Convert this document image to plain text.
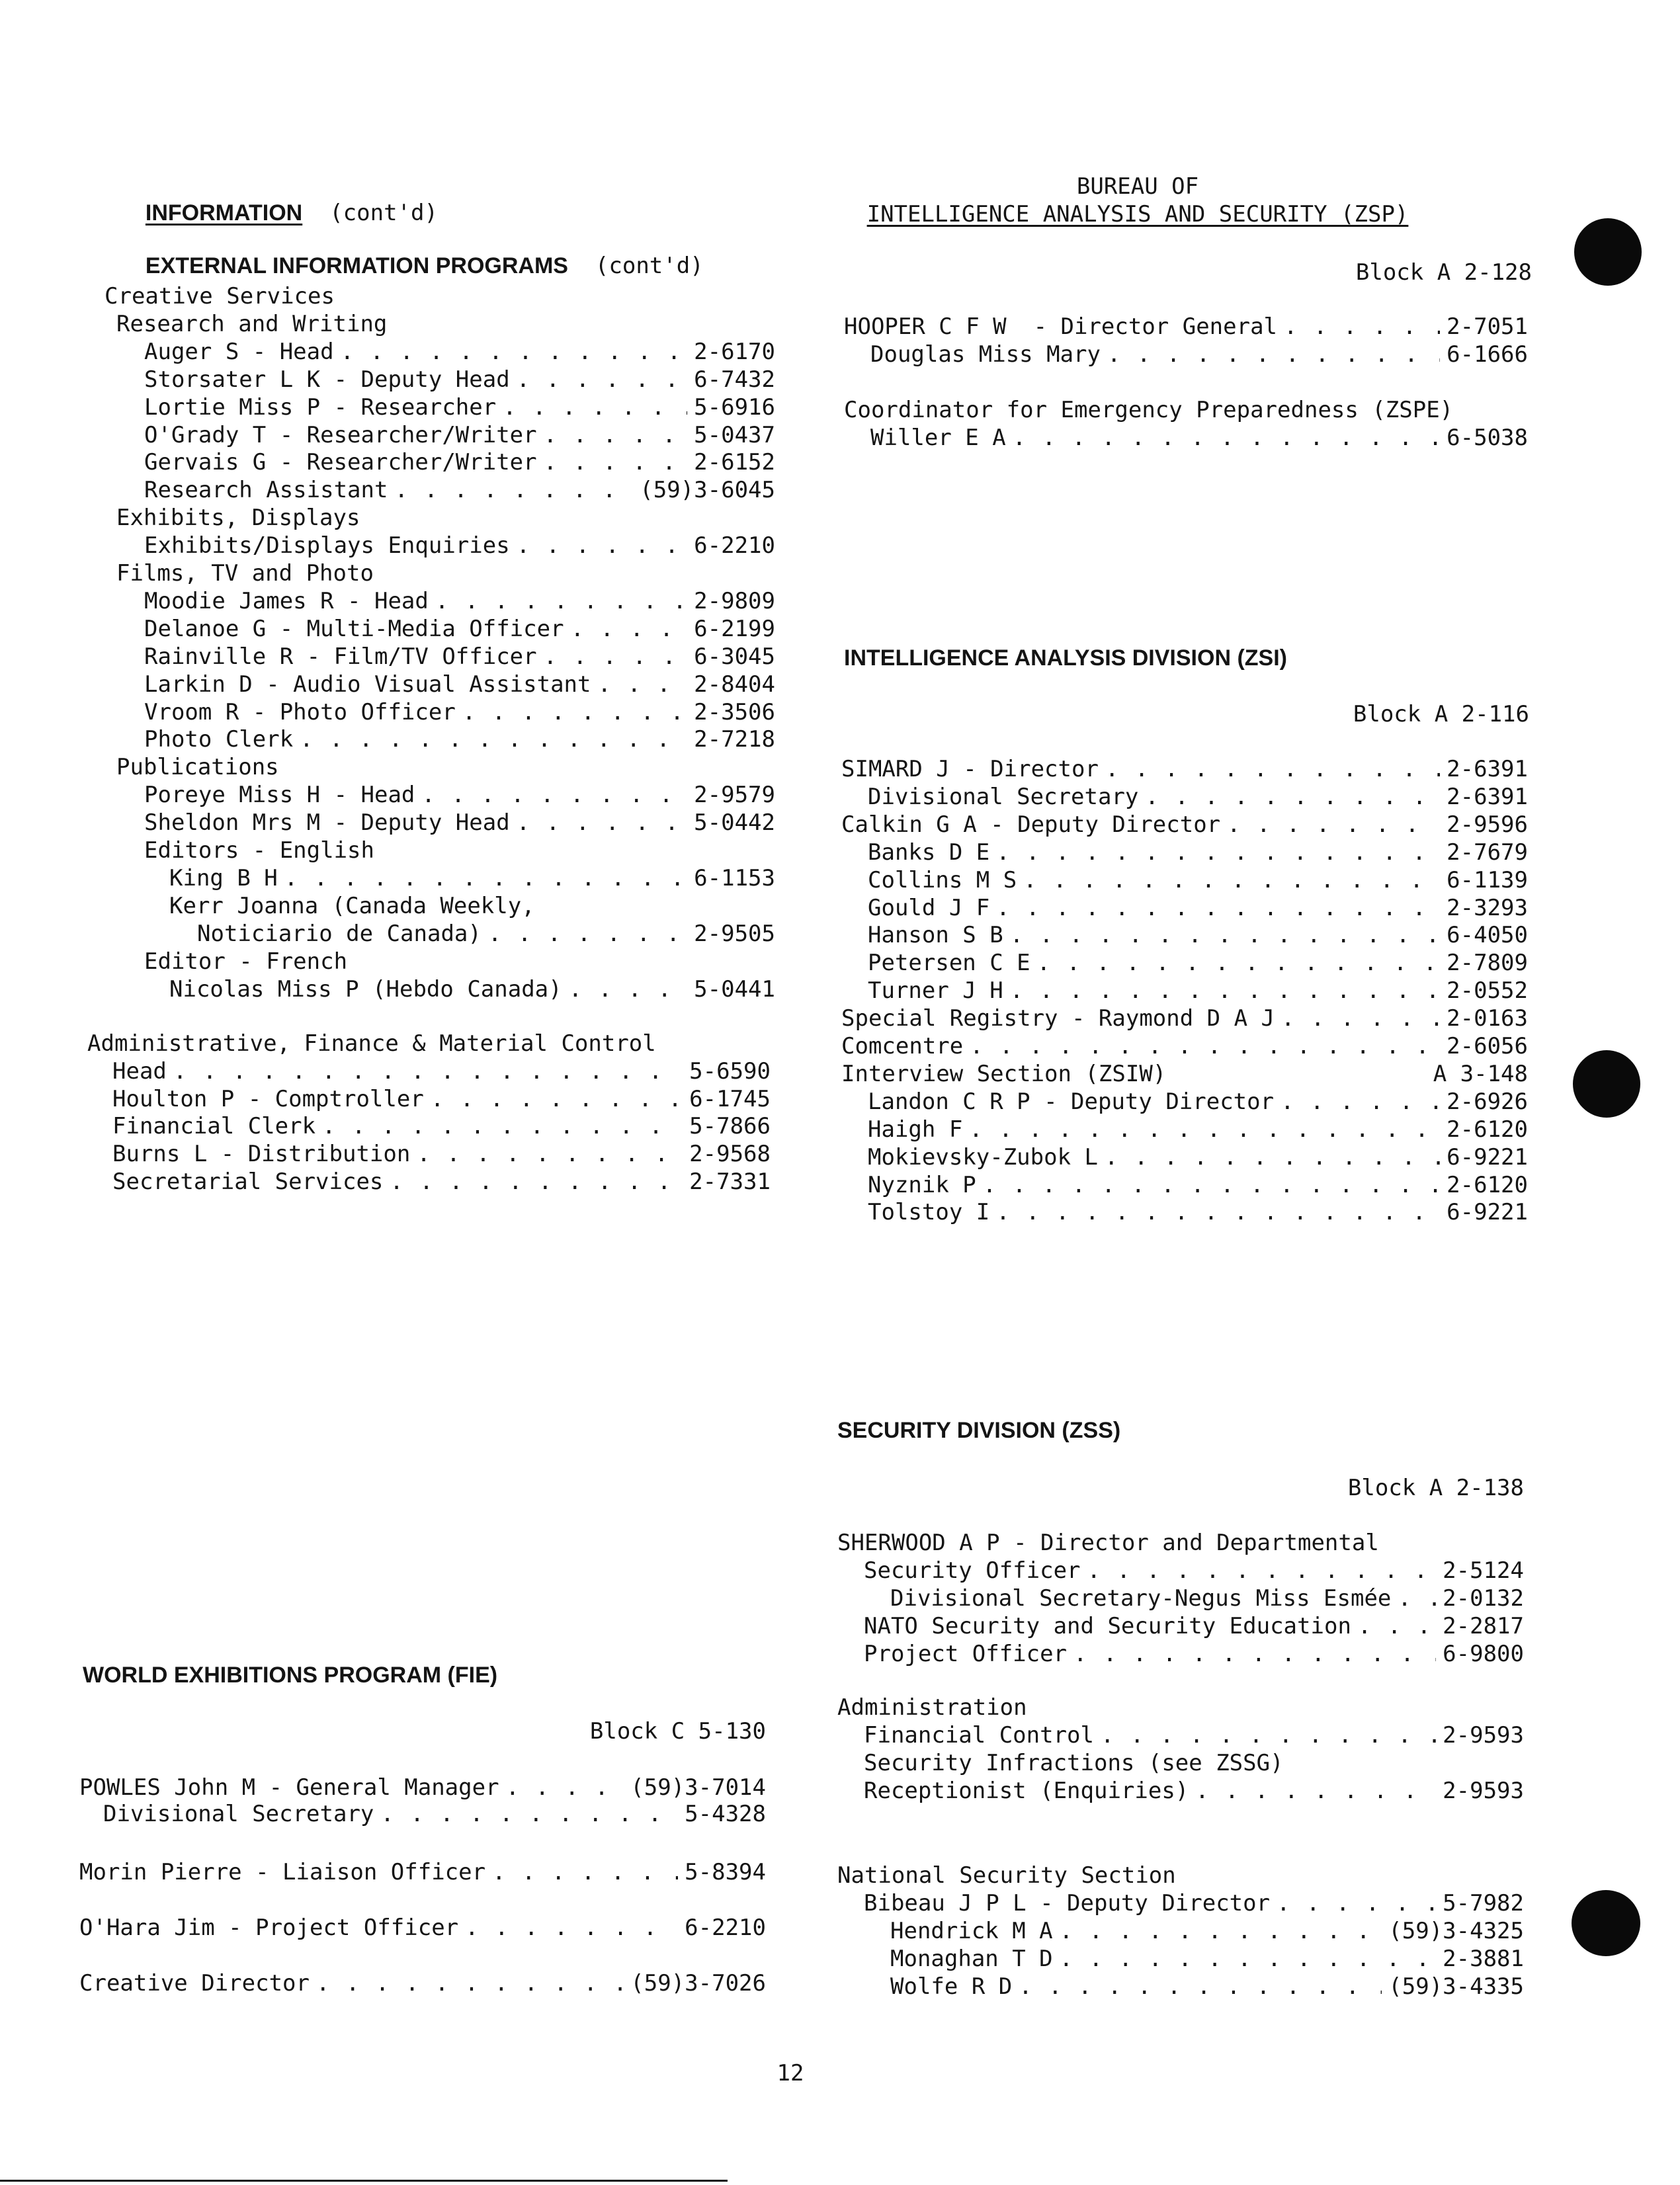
INFORMATION (cont'd)

EXTERNAL INFORMATION PROGRAMS (cont'd)

Creative Services
Research and Writing
Auger S - Head . . .	2-6170
Storsater L K - Deputy Head . . .	6-7432
Lortie Miss P - Researcher . . .	5-6916
O'Grady T - Researcher/Writer . . .	5-0437
Gervais G - Researcher/Writer . . .	2-6152
Research Assistant . . .	(59)3-6045
Exhibits, Displays
Exhibits/Displays Enquiries . . .	6-2210
Films, TV and Photo
Moodie James R - Head . . .	2-9809
Delanoe G - Multi-Media Officer . . .	6-2199
Rainville R - Film/TV Officer . . .	6-3045
Larkin D - Audio Visual Assistant . . .	2-8404
Vroom R - Photo Officer . . .	2-3506
Photo Clerk . . .	2-7218
Publications
Poreye Miss H - Head . . .	2-9579
Sheldon Mrs M - Deputy Head . . .	5-0442
Editors - English
King B H . . .	6-1153
Kerr Joanna (Canada Weekly,
Noticiario de Canada) . . .	2-9505
Editor - French
Nicolas Miss P (Hebdo Canada) . . .	5-0441
Administrative, Finance & Material Control
Head . . .	5-6590
Houlton P - Comptroller . . .	6-1745
Financial Clerk . . .	5-7866
Burns L - Distribution . . .	2-9568
Secretarial Services . . .	2-7331
WORLD EXHIBITIONS PROGRAM (FIE)
Block C 5-130
BUREAU OF
INTELLIGENCE ANALYSIS AND SECURITY (ZSP)
Block A 2-128
INTELLIGENCE ANALYSIS DIVISION (ZSI)
Block A 2-116
SECURITY DIVISION (ZSS)
Block A 2-138
12
POWLES John M - General Manager . . .	(59)3-7014
Divisional Secretary . . .	5-4328
Morin Pierre - Liaison Officer . . .	5-8394
O'Hara Jim - Project Officer . . .	6-2210
Creative Director . . .	(59)3-7026
HOOPER C F W  - Director General . . .	2-7051
Douglas Miss Mary . . .	6-1666
Coordinator for Emergency Preparedness (ZSPE)
Willer E A . . .	6-5038
SIMARD J - Director . . .	2-6391
Divisional Secretary . . .	2-6391
Calkin G A - Deputy Director . . .	2-9596
Banks D E . . .	2-7679
Collins M S . . .	6-1139
Gould J F . . .	2-3293
Hanson S B . . .	6-4050
Petersen C E . . .	2-7809
Turner J H . . .	2-0552
Special Registry - Raymond D A J . . .	2-0163
Comcentre . . .	2-6056
Interview Section (ZSIW)	A 3-148
Landon C R P - Deputy Director . . .	2-6926
Haigh F . . .	2-6120
Mokievsky-Zubok L . . .	6-9221
Nyznik P . . .	2-6120
Tolstoy I . . .	6-9221
SHERWOOD A P - Director and Departmental
Security Officer . . .	2-5124
Divisional Secretary-Negus Miss Esmée . . . 2-0132
NATO Security and Security Education . . .	2-2817
Project Officer . . .	6-9800
Administration
Financial Control . . .	2-9593
Security Infractions (see ZSSG)
Receptionist (Enquiries) . . .	2-9593
National Security Section
Bibeau J P L - Deputy Director . . .	5-7982
Hendrick M A . . .	(59)3-4325
Monaghan T D . . .	2-3881
Wolfe R D . . .	(59)3-4335
